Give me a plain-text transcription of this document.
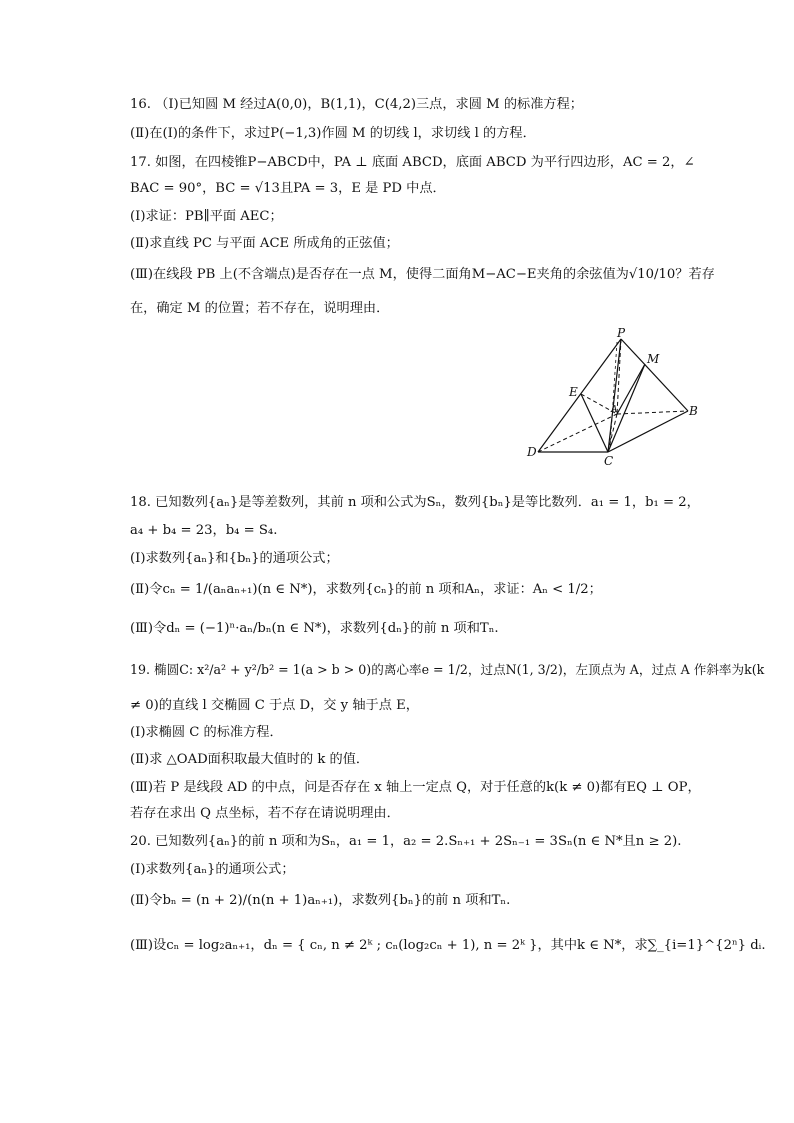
16. （Ⅰ)已知圆 M 经过A(0,0)，B(1,1)，C(4,2)三点，求圆 M 的标准方程；
(Ⅱ)在(Ⅰ)的条件下，求过P(−1,3)作圆 M 的切线 l，求切线 l 的方程．
17. 如图，在四棱锥P−ABCD中，PA ⊥ 底面 ABCD，底面 ABCD 为平行四边形，AC = 2，∠
BAC = 90°，BC = √13且PA = 3，E 是 PD 中点．
(Ⅰ)求证：PB∥平面 AEC；
(Ⅱ)求直线 PC 与平面 ACE 所成角的正弦值；
(Ⅲ)在线段 PB 上(不含端点)是否存在一点 M，使得二面角M−AC−E夹角的余弦值为√10/10？若存
在，确定 M 的位置；若不存在，说明理由．
P
M
E
A	B
D
C
18. 已知数列{aₙ}是等差数列，其前 n 项和公式为Sₙ，数列{bₙ}是等比数列．a₁ = 1，b₁ = 2，
a₄ + b₄ = 23，b₄ = S₄.
(Ⅰ)求数列{aₙ}和{bₙ}的通项公式；
(Ⅱ)令cₙ = 1/(aₙaₙ₊₁)(n ∈ N*)，求数列{cₙ}的前 n 项和Aₙ，求证：Aₙ < 1/2；
(Ⅲ)令dₙ = (−1)ⁿ·aₙ/bₙ(n ∈ N*)，求数列{dₙ}的前 n 项和Tₙ.
19. 椭圆C: x²/a² + y²/b² = 1(a > b > 0)的离心率e = 1/2，过点N(1, 3/2)，左顶点为 A，过点 A 作斜率为k(k
≠ 0)的直线 l 交椭圆 C 于点 D，交 y 轴于点 E，
(Ⅰ)求椭圆 C 的标准方程．
(Ⅱ)求 △OAD面积取最大值时的 k 的值．
(Ⅲ)若 P 是线段 AD 的中点，问是否存在 x 轴上一定点 Q，对于任意的k(k ≠ 0)都有EQ ⊥ OP，
若存在求出 Q 点坐标，若不存在请说明理由．
20. 已知数列{aₙ}的前 n 项和为Sₙ，a₁ = 1，a₂ = 2.Sₙ₊₁ + 2Sₙ₋₁ = 3Sₙ(n ∈ N*且n ≥ 2).
(Ⅰ)求数列{aₙ}的通项公式；
(Ⅱ)令bₙ = (n + 2)/(n(n + 1)aₙ₊₁)，求数列{bₙ}的前 n 项和Tₙ.
(Ⅲ)设cₙ = log₂aₙ₊₁，dₙ = { cₙ, n ≠ 2ᵏ ; cₙ(log₂cₙ + 1), n = 2ᵏ }，其中k ∈ N*，求∑_{i=1}^{2ⁿ} dᵢ.
